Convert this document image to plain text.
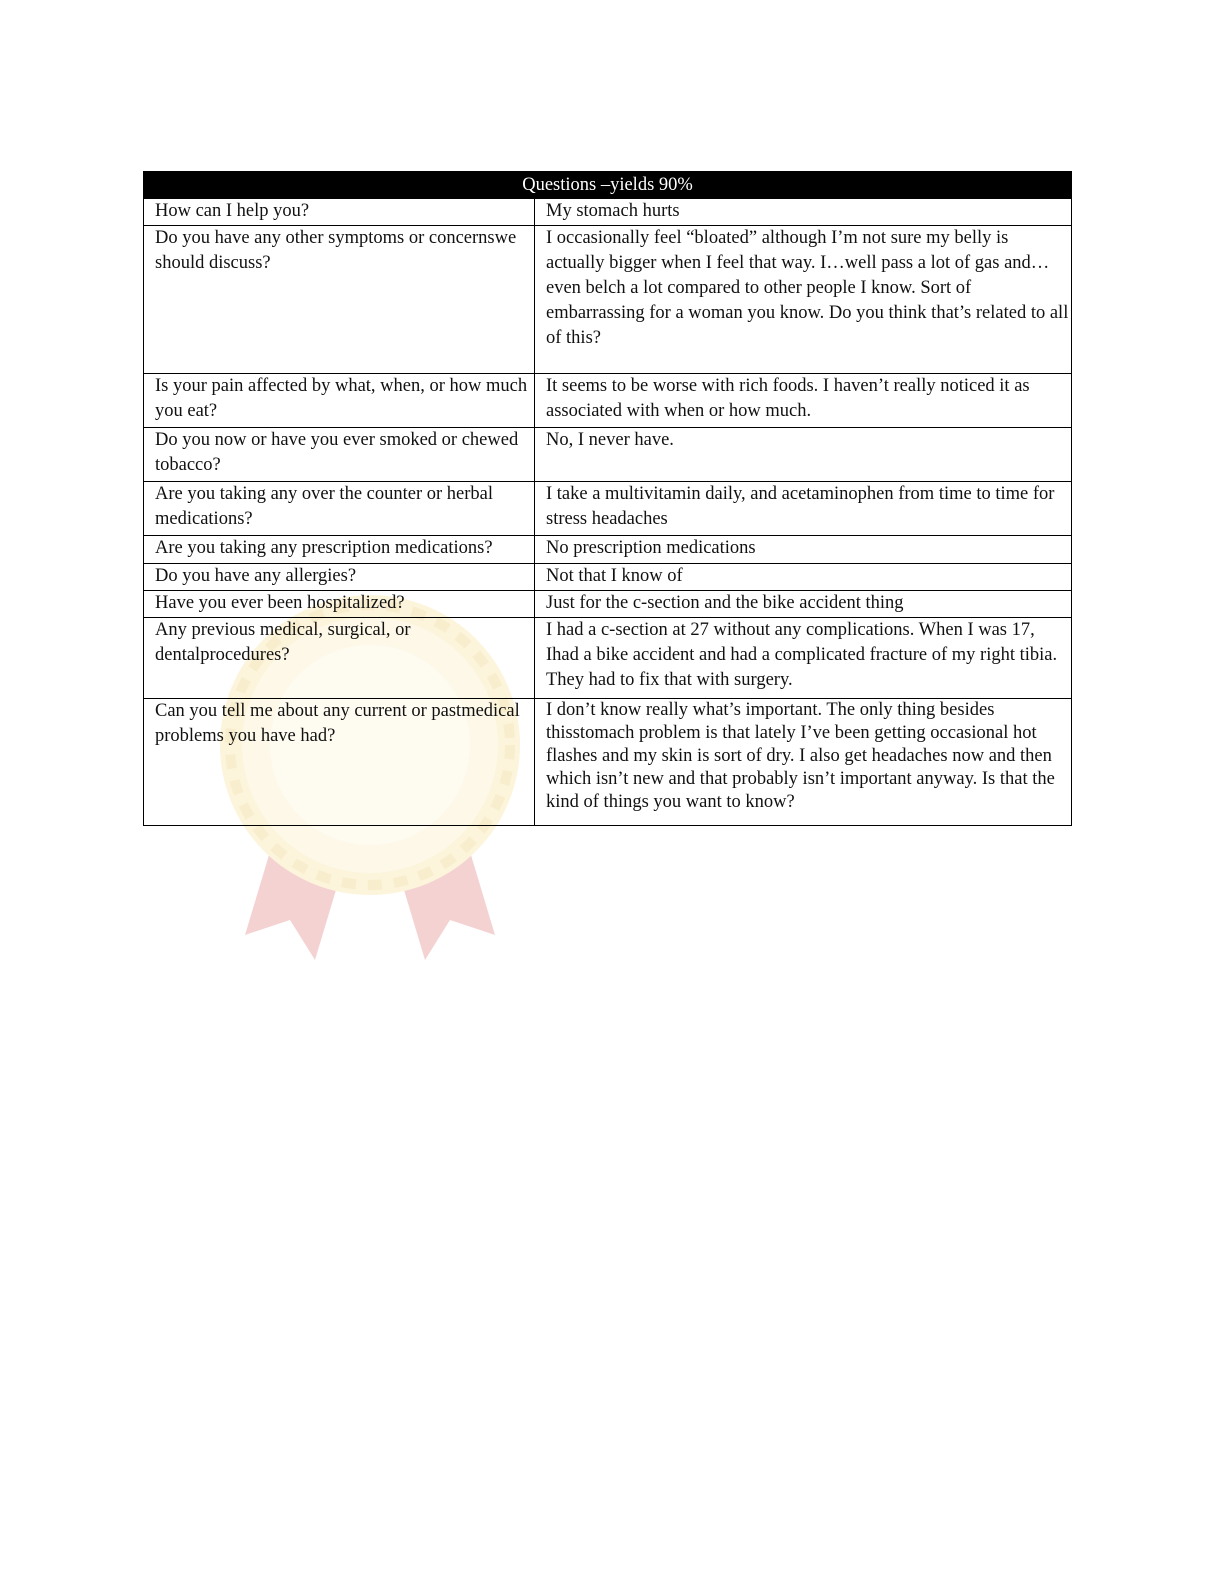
Questions –yields 90%	
How can I help you?	My stomach hurts
Do you have any other symptoms or concernswe should discuss?	I occasionally feel “bloated” although I’m not sure my belly is actually bigger when I feel that way. I…well pass a lot of gas and…
even belch a lot compared to other people I know. Sort of embarrassing for a woman you know. Do you think that’s related to all of this?
Is your pain affected by what, when, or how much you eat?	It seems to be worse with rich foods. I haven’t really noticed it as associated with when or how much.
Do you now or have you ever smoked or chewed tobacco?	No, I never have.
Are you taking any over the counter or herbal medications?	I take a multivitamin daily, and acetaminophen from time to time for stress headaches
Are you taking any prescription medications?	No prescription medications
Do you have any allergies?	Not that I know of
Have you ever been hospitalized?	Just for the c-section and the bike accident thing
Any previous medical, surgical, or dentalprocedures?	I had a c-section at 27 without any complications. When I was 17, Ihad a bike accident and had a complicated fracture of my right tibia. They had to fix that with surgery.
Can you tell me about any current or pastmedical problems you have had?	I don’t know really what’s important. The only thing besides thisstomach problem is that lately I’ve been getting occasional hot flashes and my skin is sort of dry. I also get headaches now and then which isn’t new and that probably isn’t important anyway. Is that the kind of things you want to know?
